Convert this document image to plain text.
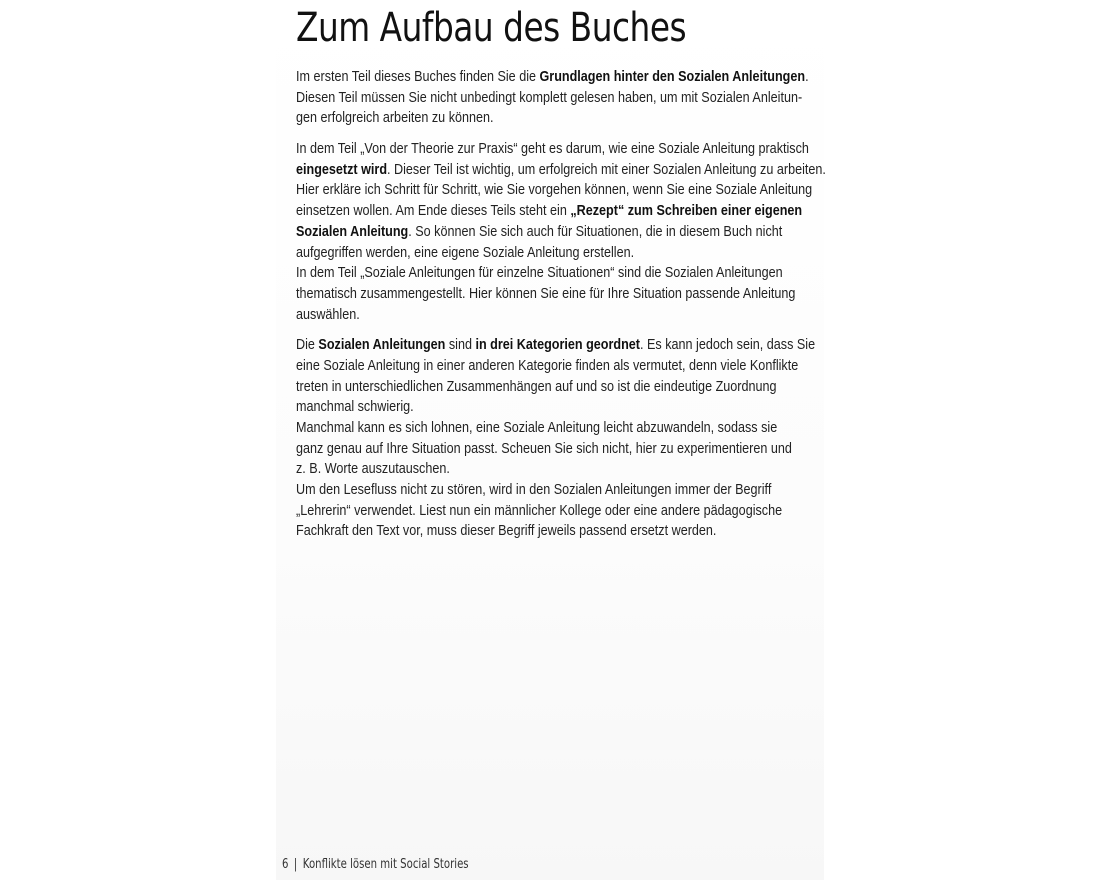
Zum Aufbau des Buches
Im ersten Teil dieses Buches finden Sie die Grundlagen hinter den Sozialen Anleitungen.
Diesen Teil müssen Sie nicht unbedingt komplett gelesen haben, um mit Sozialen Anleitun-
gen erfolgreich arbeiten zu können.
In dem Teil „Von der Theorie zur Praxis“ geht es darum, wie eine Soziale Anleitung praktisch
eingesetzt wird. Dieser Teil ist wichtig, um erfolgreich mit einer Sozialen Anleitung zu arbeiten.
Hier erkläre ich Schritt für Schritt, wie Sie vorgehen können, wenn Sie eine Soziale Anleitung
einsetzen wollen. Am Ende dieses Teils steht ein „Rezept“ zum Schreiben einer eigenen
Sozialen Anleitung. So können Sie sich auch für Situationen, die in diesem Buch nicht
aufgegriffen werden, eine eigene Soziale Anleitung erstellen.
In dem Teil „Soziale Anleitungen für einzelne Situationen“ sind die Sozialen Anleitungen
thematisch zusammengestellt. Hier können Sie eine für Ihre Situation passende Anleitung
auswählen.
Die Sozialen Anleitungen sind in drei Kategorien geordnet. Es kann jedoch sein, dass Sie
eine Soziale Anleitung in einer anderen Kategorie finden als vermutet, denn viele Konflikte
treten in unterschiedlichen Zusammenhängen auf und so ist die eindeutige Zuordnung
manchmal schwierig.
Manchmal kann es sich lohnen, eine Soziale Anleitung leicht abzuwandeln, sodass sie
ganz genau auf Ihre Situation passt. Scheuen Sie sich nicht, hier zu experimentieren und
z. B. Worte auszutauschen.
Um den Lesefluss nicht zu stören, wird in den Sozialen Anleitungen immer der Begriff
„Lehrerin“ verwendet. Liest nun ein männlicher Kollege oder eine andere pädagogische
Fachkraft den Text vor, muss dieser Begriff jeweils passend ersetzt werden.
6 | Konflikte lösen mit Social Stories
